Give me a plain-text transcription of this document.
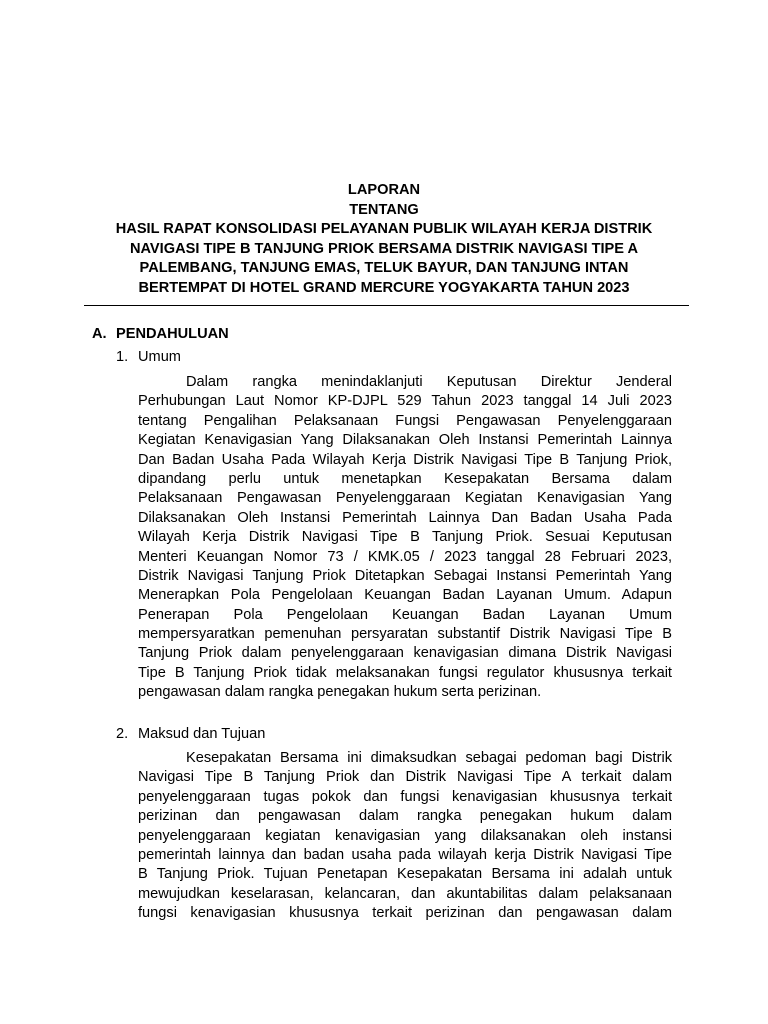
LAPORAN
TENTANG
HASIL RAPAT KONSOLIDASI PELAYANAN PUBLIK WILAYAH KERJA DISTRIK
NAVIGASI TIPE B TANJUNG PRIOK BERSAMA DISTRIK NAVIGASI TIPE A
PALEMBANG, TANJUNG EMAS, TELUK BAYUR, DAN TANJUNG INTAN
BERTEMPAT DI HOTEL GRAND MERCURE YOGYAKARTA TAHUN 2023
A. PENDAHULUAN
1. Umum
Dalam rangka menindaklanjuti Keputusan Direktur Jenderal
Perhubungan Laut Nomor KP-DJPL 529 Tahun 2023 tanggal 14 Juli 2023
tentang Pengalihan Pelaksanaan Fungsi Pengawasan Penyelenggaraan
Kegiatan Kenavigasian Yang Dilaksanakan Oleh Instansi Pemerintah Lainnya
Dan Badan Usaha Pada Wilayah Kerja Distrik Navigasi Tipe B Tanjung Priok,
dipandang perlu untuk menetapkan Kesepakatan Bersama dalam
Pelaksanaan Pengawasan Penyelenggaraan Kegiatan Kenavigasian Yang
Dilaksanakan Oleh Instansi Pemerintah Lainnya Dan Badan Usaha Pada
Wilayah Kerja Distrik Navigasi Tipe B Tanjung Priok. Sesuai Keputusan
Menteri Keuangan Nomor 73 / KMK.05 / 2023 tanggal 28 Februari 2023,
Distrik Navigasi Tanjung Priok Ditetapkan Sebagai Instansi Pemerintah Yang
Menerapkan Pola Pengelolaan Keuangan Badan Layanan Umum. Adapun
Penerapan Pola Pengelolaan Keuangan Badan Layanan Umum
mempersyaratkan pemenuhan persyaratan substantif Distrik Navigasi Tipe B
Tanjung Priok dalam penyelenggaraan kenavigasian dimana Distrik Navigasi
Tipe B Tanjung Priok tidak melaksanakan fungsi regulator khususnya terkait
pengawasan dalam rangka penegakan hukum serta perizinan.
2. Maksud dan Tujuan
Kesepakatan Bersama ini dimaksudkan sebagai pedoman bagi Distrik
Navigasi Tipe B Tanjung Priok dan Distrik Navigasi Tipe A terkait dalam
penyelenggaraan tugas pokok dan fungsi kenavigasian khususnya terkait
perizinan dan pengawasan dalam rangka penegakan hukum dalam
penyelenggaraan kegiatan kenavigasian yang dilaksanakan oleh instansi
pemerintah lainnya dan badan usaha pada wilayah kerja Distrik Navigasi Tipe
B Tanjung Priok. Tujuan Penetapan Kesepakatan Bersama ini adalah untuk
mewujudkan keselarasan, kelancaran, dan akuntabilitas dalam pelaksanaan
fungsi kenavigasian khususnya terkait perizinan dan pengawasan dalam
